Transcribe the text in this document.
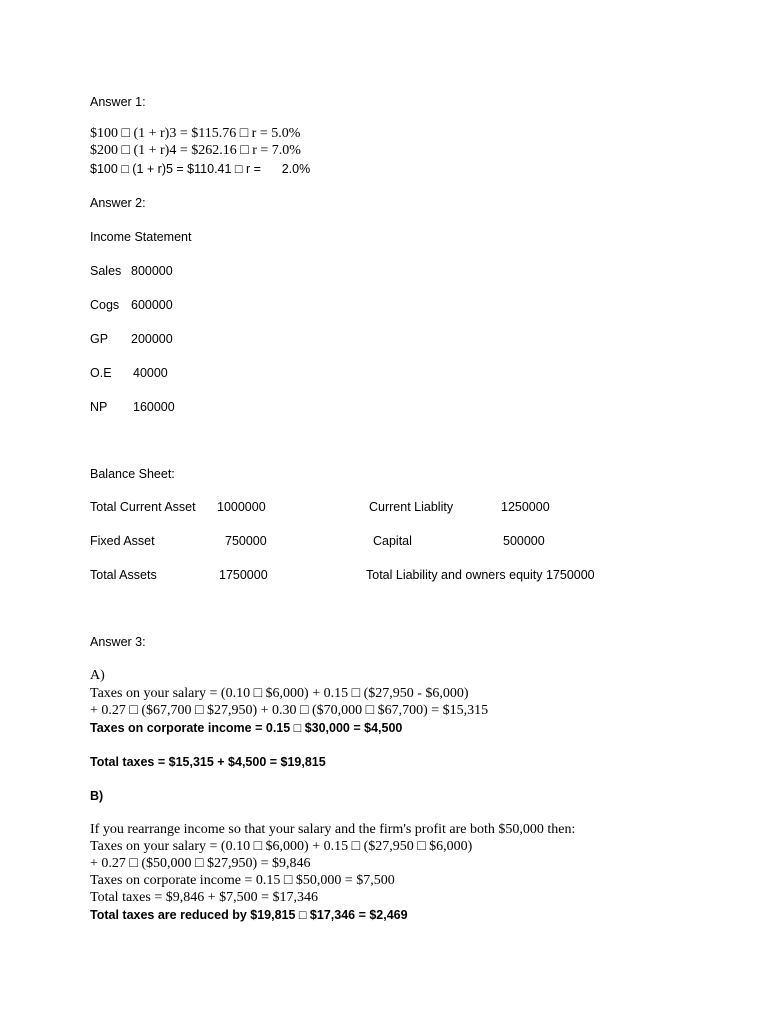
Answer 1:
$100 □ (1 + r)3 = $115.76 □ r = 5.0%
$200 □ (1 + r)4 = $262.16 □ r = 7.0%
$100 □ (1 + r)5 = $110.41 □ r =      2.0%
Answer 2:
Income Statement
Sales 800000
Cogs 600000
GP 200000
O.E 40000
NP 160000
Balance Sheet:
Total Current Asset 1000000	Current Liablity	1250000
Fixed Asset	750000	Capital	500000
Total Assets	1750000	Total Liability and owners equity 1750000
Answer 3:
A)
Taxes on your salary = (0.10 □ $6,000) + 0.15 □ ($27,950 - $6,000)
+ 0.27 □ ($67,700 □ $27,950) + 0.30 □ ($70,000 □ $67,700) = $15,315
Taxes on corporate income = 0.15 □ $30,000 = $4,500
Total taxes = $15,315 + $4,500 = $19,815
B)
If you rearrange income so that your salary and the firm's profit are both $50,000 then:
Taxes on your salary = (0.10 □ $6,000) + 0.15 □ ($27,950 □ $6,000)
+ 0.27 □ ($50,000 □ $27,950) = $9,846
Taxes on corporate income = 0.15 □ $50,000 = $7,500
Total taxes = $9,846 + $7,500 = $17,346
Total taxes are reduced by $19,815 □ $17,346 = $2,469
